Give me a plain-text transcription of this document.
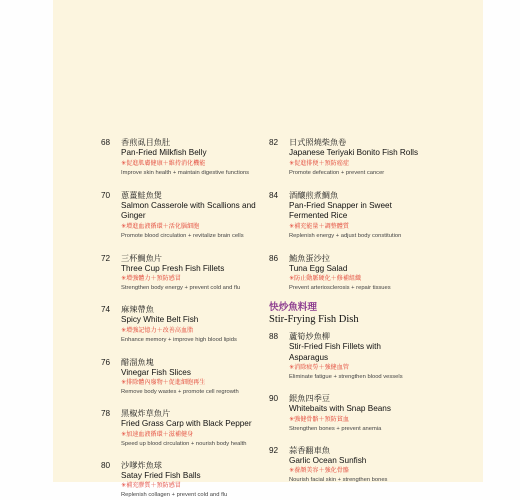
68 香煎虱目魚肚
Pan-Fried Milkfish Belly
✳促進肌膚健康＋維持消化機能
Improve skin health + maintain digestive functions
70 蔥薑鮭魚煲
Salmon Casserole with Scallions and Ginger
✳增進血液循環＋活化腦細胞
Promote blood circulation + revitalize brain cells
72 三杯鯛魚片
Three Cup Fresh Fish Fillets
✳增強體力＋預防感冒
Strengthen body energy + prevent cold and flu
74 麻辣帶魚
Spicy White Belt Fish
✳增強記憶力＋改善高血脂
Enhance memory + improve high blood lipids
76 醋溜魚塊
Vinegar Fish Slices
✳排除體內廢物＋促進細胞再生
Remove body wastes + promote cell regrowth
78 黑椒炸草魚片
Fried Grass Carp with Black Pepper
✳加速血液循環＋滋補健身
Speed up blood circulation + nourish body health
80 沙嗲炸魚球
Satay Fried Fish Balls
✳補充膠質＋預防感冒
Replenish collagen + prevent cold and flu
82 日式照燒柴魚卷
Japanese Teriyaki Bonito Fish Rolls
✳促進排便＋預防癌症
Promote defecation + prevent cancer
84 酒釀煎煮鯛魚
Pan-Fried Snapper in Sweet Fermented Rice
✳補充能量＋調整體質
Replenish energy + adjust body constitution
86 鮪魚蛋沙拉
Tuna Egg Salad
✳防止動脈硬化＋修補組織
Prevent arteriosclerosis + repair tissues
快炒魚料理
Stir-Frying Fish Dish
88 蘆筍炒魚柳
Stir-Fried Fish Fillets with Asparagus
✳消除疲勞＋強健血管
Eliminate fatigue + strengthen blood vessels
90 銀魚四季豆
Whitebaits with Snap Beans
✳強健骨骼＋預防貧血
Strengthen bones + prevent anemia
92 蒜香翻車魚
Garlic Ocean Sunfish
✳養顏美容＋強化骨骼
Nourish facial skin + strengthen bones
